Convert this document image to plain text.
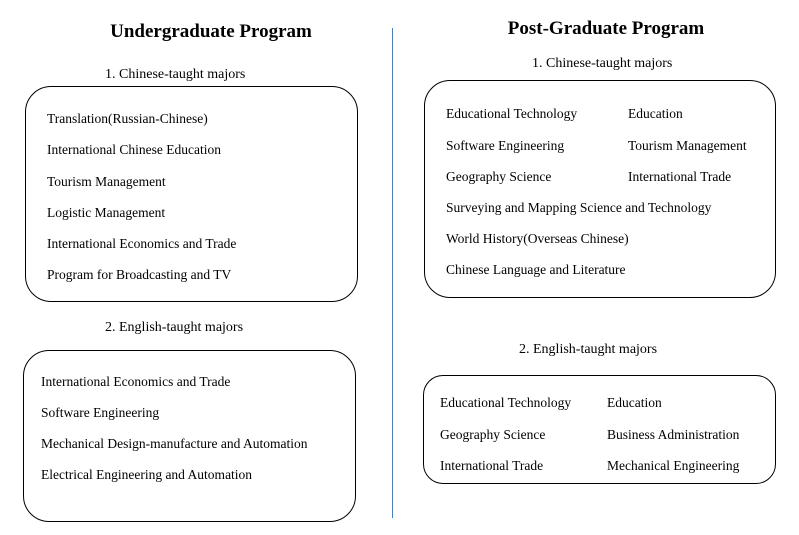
Undergraduate Program
1. Chinese-taught majors
Translation(Russian-Chinese)
International Chinese Education
Tourism Management
Logistic Management
International Economics and Trade
Program for Broadcasting and TV
2. English-taught majors
International Economics and Trade
Software Engineering
Mechanical Design-manufacture and Automation
Electrical Engineering and Automation
Post-Graduate Program
1. Chinese-taught majors
Educational Technology	Education
Software Engineering	Tourism Management
Geography Science	International Trade
Surveying and Mapping Science and Technology
World History(Overseas Chinese)
Chinese Language and Literature
2. English-taught majors
Educational Technology	Education
Geography Science	Business Administration
International Trade	Mechanical Engineering
